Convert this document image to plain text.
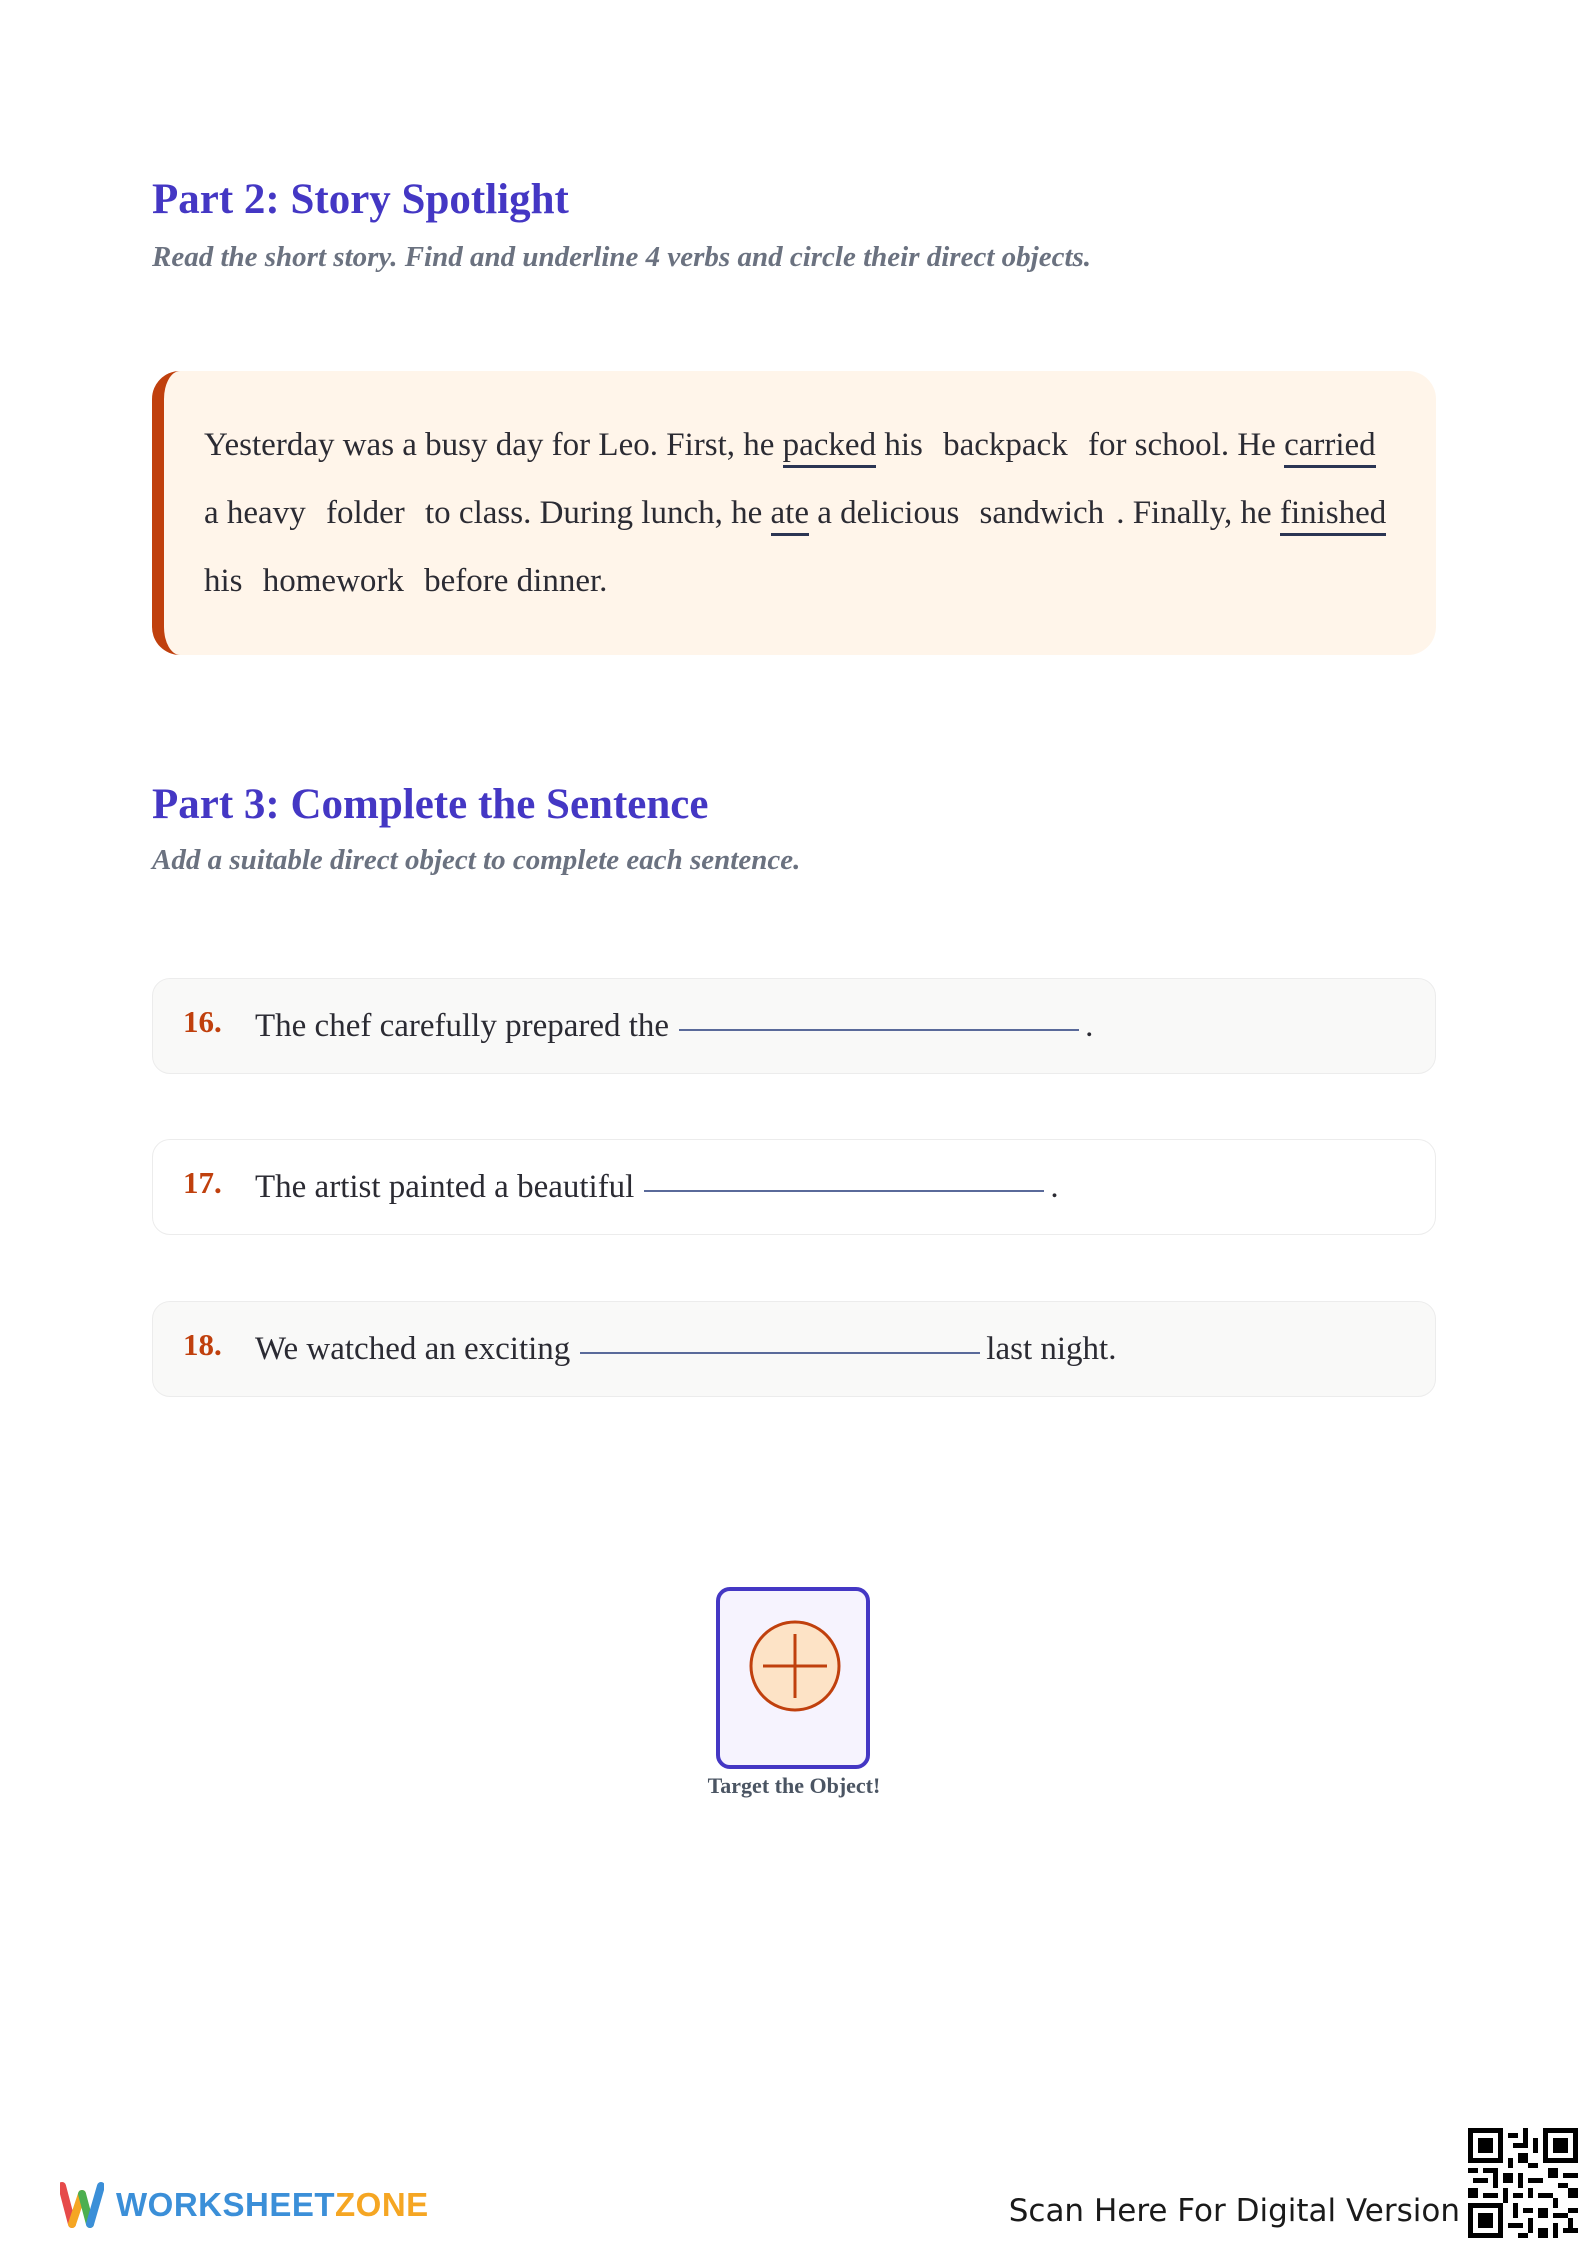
Part 2: Story Spotlight

Read the short story. Find and underline 4 verbs and circle their direct objects.

Yesterday was a busy day for Leo. First, he packed his backpack for school. He carried a heavy folder to class. During lunch, he ate a delicious sandwich . Finally, he finished his homework before dinner.

Part 3: Complete the Sentence

Add a suitable direct object to complete each sentence.

16.	The chef carefully prepared the	.
17.	The artist painted a beautiful	.
18.	We watched an exciting	last night.
Target the Object!
WORKSHEETZONE	Scan Here For Digital Version
